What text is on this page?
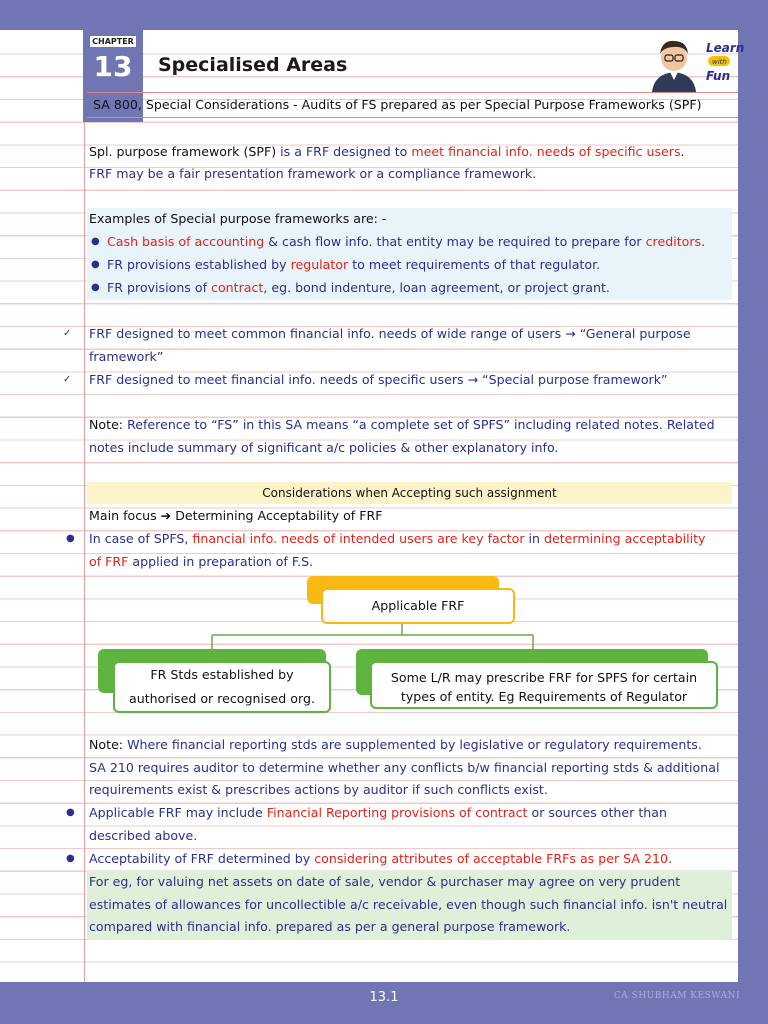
CHAPTER
13	Specialised Areas
Learn
with
Fun
SA 800, Special Considerations - Audits of FS prepared as per Special Purpose Frameworks (SPF)
Spl. purpose framework (SPF) is a FRF designed to meet financial info. needs of specific users.
FRF may be a fair presentation framework or a compliance framework.
Examples of Special purpose frameworks are: -
● Cash basis of accounting & cash flow info. that entity may be required to prepare for creditors.
● FR provisions established by regulator to meet requirements of that regulator.
● FR provisions of contract, eg. bond indenture, loan agreement, or project grant.
✓ FRF designed to meet common financial info. needs of wide range of users → “General purpose
framework”
✓ FRF designed to meet financial info. needs of specific users → “Special purpose framework”
Note: Reference to “FS” in this SA means “a complete set of SPFS” including related notes. Related
notes include summary of significant a/c policies & other explanatory info.
Considerations when Accepting such assignment
Main focus ➔ Determining Acceptability of FRF
● In case of SPFS, financial info. needs of intended users are key factor in determining acceptability
of FRF applied in preparation of F.S.
Applicable FRF
FR Stds established by
authorised or recognised org.
Some L/R may prescribe FRF for SPFS for certain
types of entity. Eg Requirements of Regulator
Note: Where financial reporting stds are supplemented by legislative or regulatory requirements.
SA 210 requires auditor to determine whether any conflicts b/w financial reporting stds & additional
requirements exist & prescribes actions by auditor if such conflicts exist.
● Applicable FRF may include Financial Reporting provisions of contract or sources other than
described above.
● Acceptability of FRF determined by considering attributes of acceptable FRFs as per SA 210.
For eg, for valuing net assets on date of sale, vendor & purchaser may agree on very prudent
estimates of allowances for uncollectible a/c receivable, even though such financial info. isn't neutral
compared with financial info. prepared as per a general purpose framework.
13.1	CA SHUBHAM KESWANI
